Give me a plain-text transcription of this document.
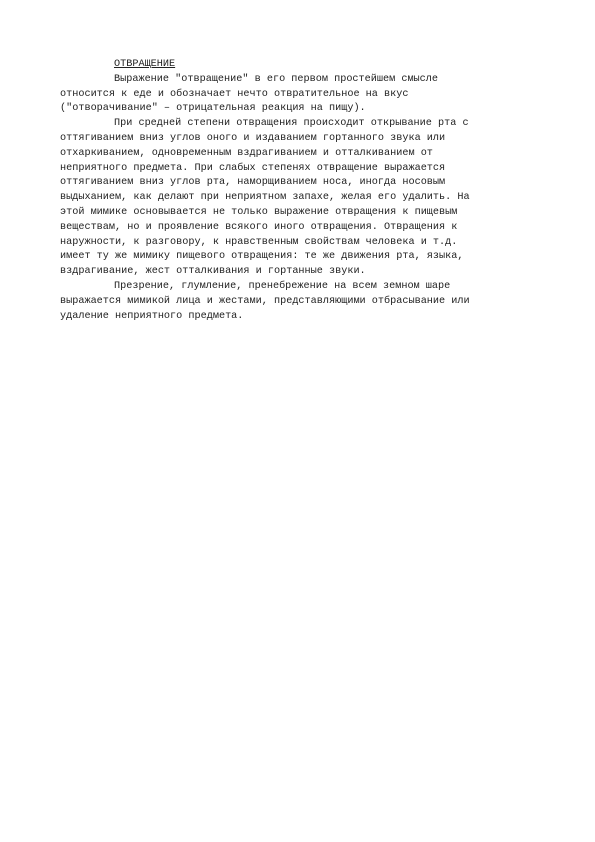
ОТВРАЩЕНИЕ

Выражение "отвращение" в его первом простейшем смысле

относится к еде и обозначает нечто отвратительное на вкус

("отворачивание" – отрицательная реакция на пищу).

При средней степени отвращения происходит открывание рта с

оттягиванием вниз углов оного и издаванием гортанного звука или

отхаркиванием, одновременным вздрагиванием и отталкиванием от

неприятного предмета. При слабых степенях отвращение выражается

оттягиванием вниз углов рта, наморщиванием носа, иногда носовым

выдыханием, как делают при неприятном запахе, желая его удалить. На

этой мимике основывается не только выражение отвращения к пищевым

веществам, но и проявление всякого иного отвращения. Отвращения к

наружности, к разговору, к нравственным свойствам человека и т.д.

имеет ту же мимику пищевого отвращения: те же движения рта, языка,

вздрагивание, жест отталкивания и гортанные звуки.

Презрение, глумление, пренебрежение на всем земном шаре

выражается мимикой лица и жестами, представляющими отбрасывание или

удаление неприятного предмета.
